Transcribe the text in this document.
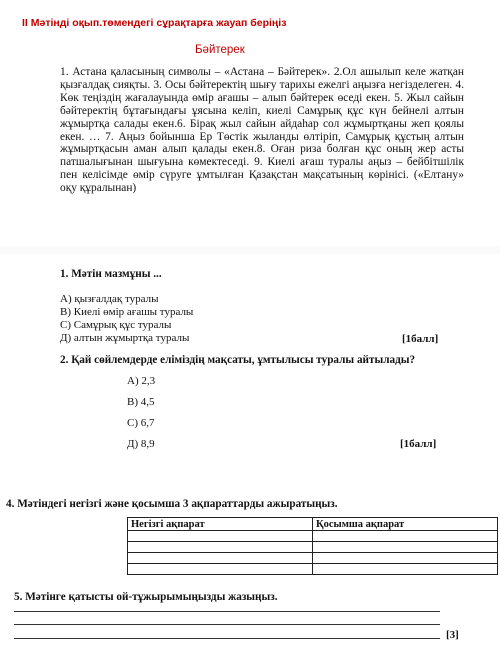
II Мәтінді оқып.төмендегі сұрақтарға жауап беріңіз
Бәйтерек

1. Астана қаласының символы – «Астана – Бәйтерек». 2.Ол ашылып келе жатқан қызғалдақ сияқты. 3. Осы бәйтеректің шығу тарихы ежелгі аңызға негізделеген. 4. Көк теңіздің жағалауында өмір ағашы – алып бәйтерек өседі екен. 5. Жыл сайын бәйтеректің бұтағындағы ұясына келіп, киелі Самұрық құс күн бейнелі алтын жұмыртқа салады екен.6. Бірақ жыл сайын айдаһар сол жұмыртқаны жеп қоялы екен. … 7. Аңыз бойынша Ер Төстік жыланды өлтіріп, Самұрық құстың алтын жұмыртқасын аман алып қалады екен.8. Оған риза болған құс оның жер асты патшалығынан шығуына көмектеседі. 9. Киелі ағаш туралы аңыз – бейбітшілік пен келісімде өмір сүруге ұмтылған Қазақстан мақсатының көрінісі. («Елтану» оқу құралынан)

1. Мәтін мазмұны ...
А) қызғалдақ туралы
В) Киелі өмір ағашы туралы
С) Самұрық құс туралы
Д) алтын жұмыртқа туралы	[1балл]
2. Қай сөйлемдерде еліміздің мақсаты, ұмтылысы туралы айтылады?
А) 2,3
В) 4,5
С) 6,7
Д) 8,9	[1балл]
4. Мәтіндегі негізгі және қосымша 3 ақпараттарды ажыратыңыз.
Негізгі ақпарат	Қосымша ақпарат

5. Мәтінге қатысты ой-тұжырымыңызды жазыңыз.
[3]
